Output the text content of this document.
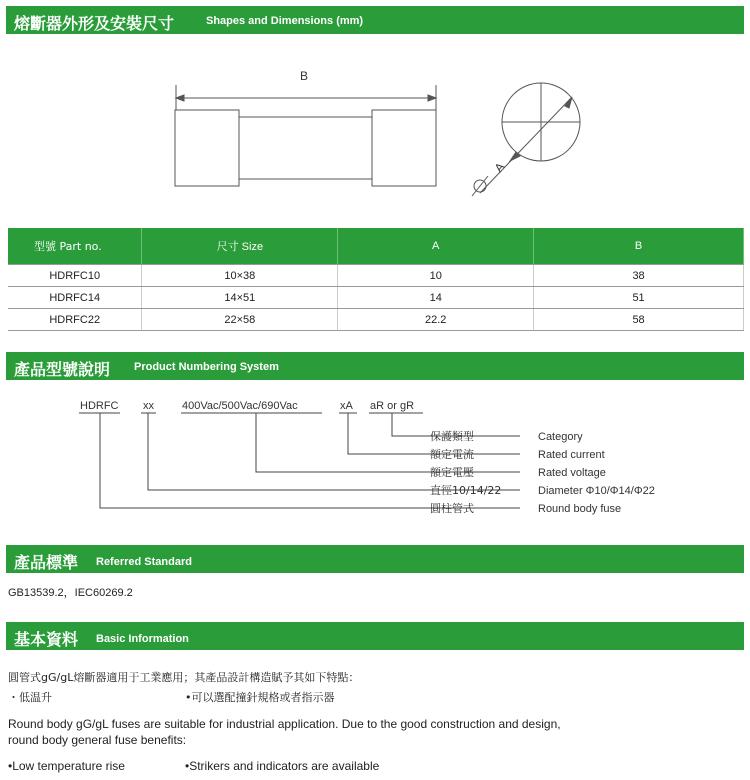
熔斷器外形及安裝尺寸	Shapes and Dimensions (mm)
B
A
型號 Part no.	尺寸 Size	A	B
HDRFC10	10×38	10	38
HDRFC14	14×51	14	51
HDRFC22	22×58	22.2	58
產品型號說明 Product Numbering System
HDRFC xx	400Vac/500Vac/690Vac	xA aR or gR
保護類型
額定電流
額定電壓
直徑10/14/22
圓柱管式
Category
Rated current
Rated voltage
Diameter Φ10/Φ14/Φ22
Round body fuse
產品標準 Referred Standard
GB13539.2，IEC60269.2
基本資料 Basic Information
圓管式gG/gL熔斷器適用于工業應用；其產品設計構造賦予其如下特點：
・低温升	•可以選配撞針規格或者指示器
Round body gG/gL fuses are suitable for industrial application. Due to the good construction and design,
round body general fuse benefits:
•Low temperature rise	•Strikers and indicators are available
